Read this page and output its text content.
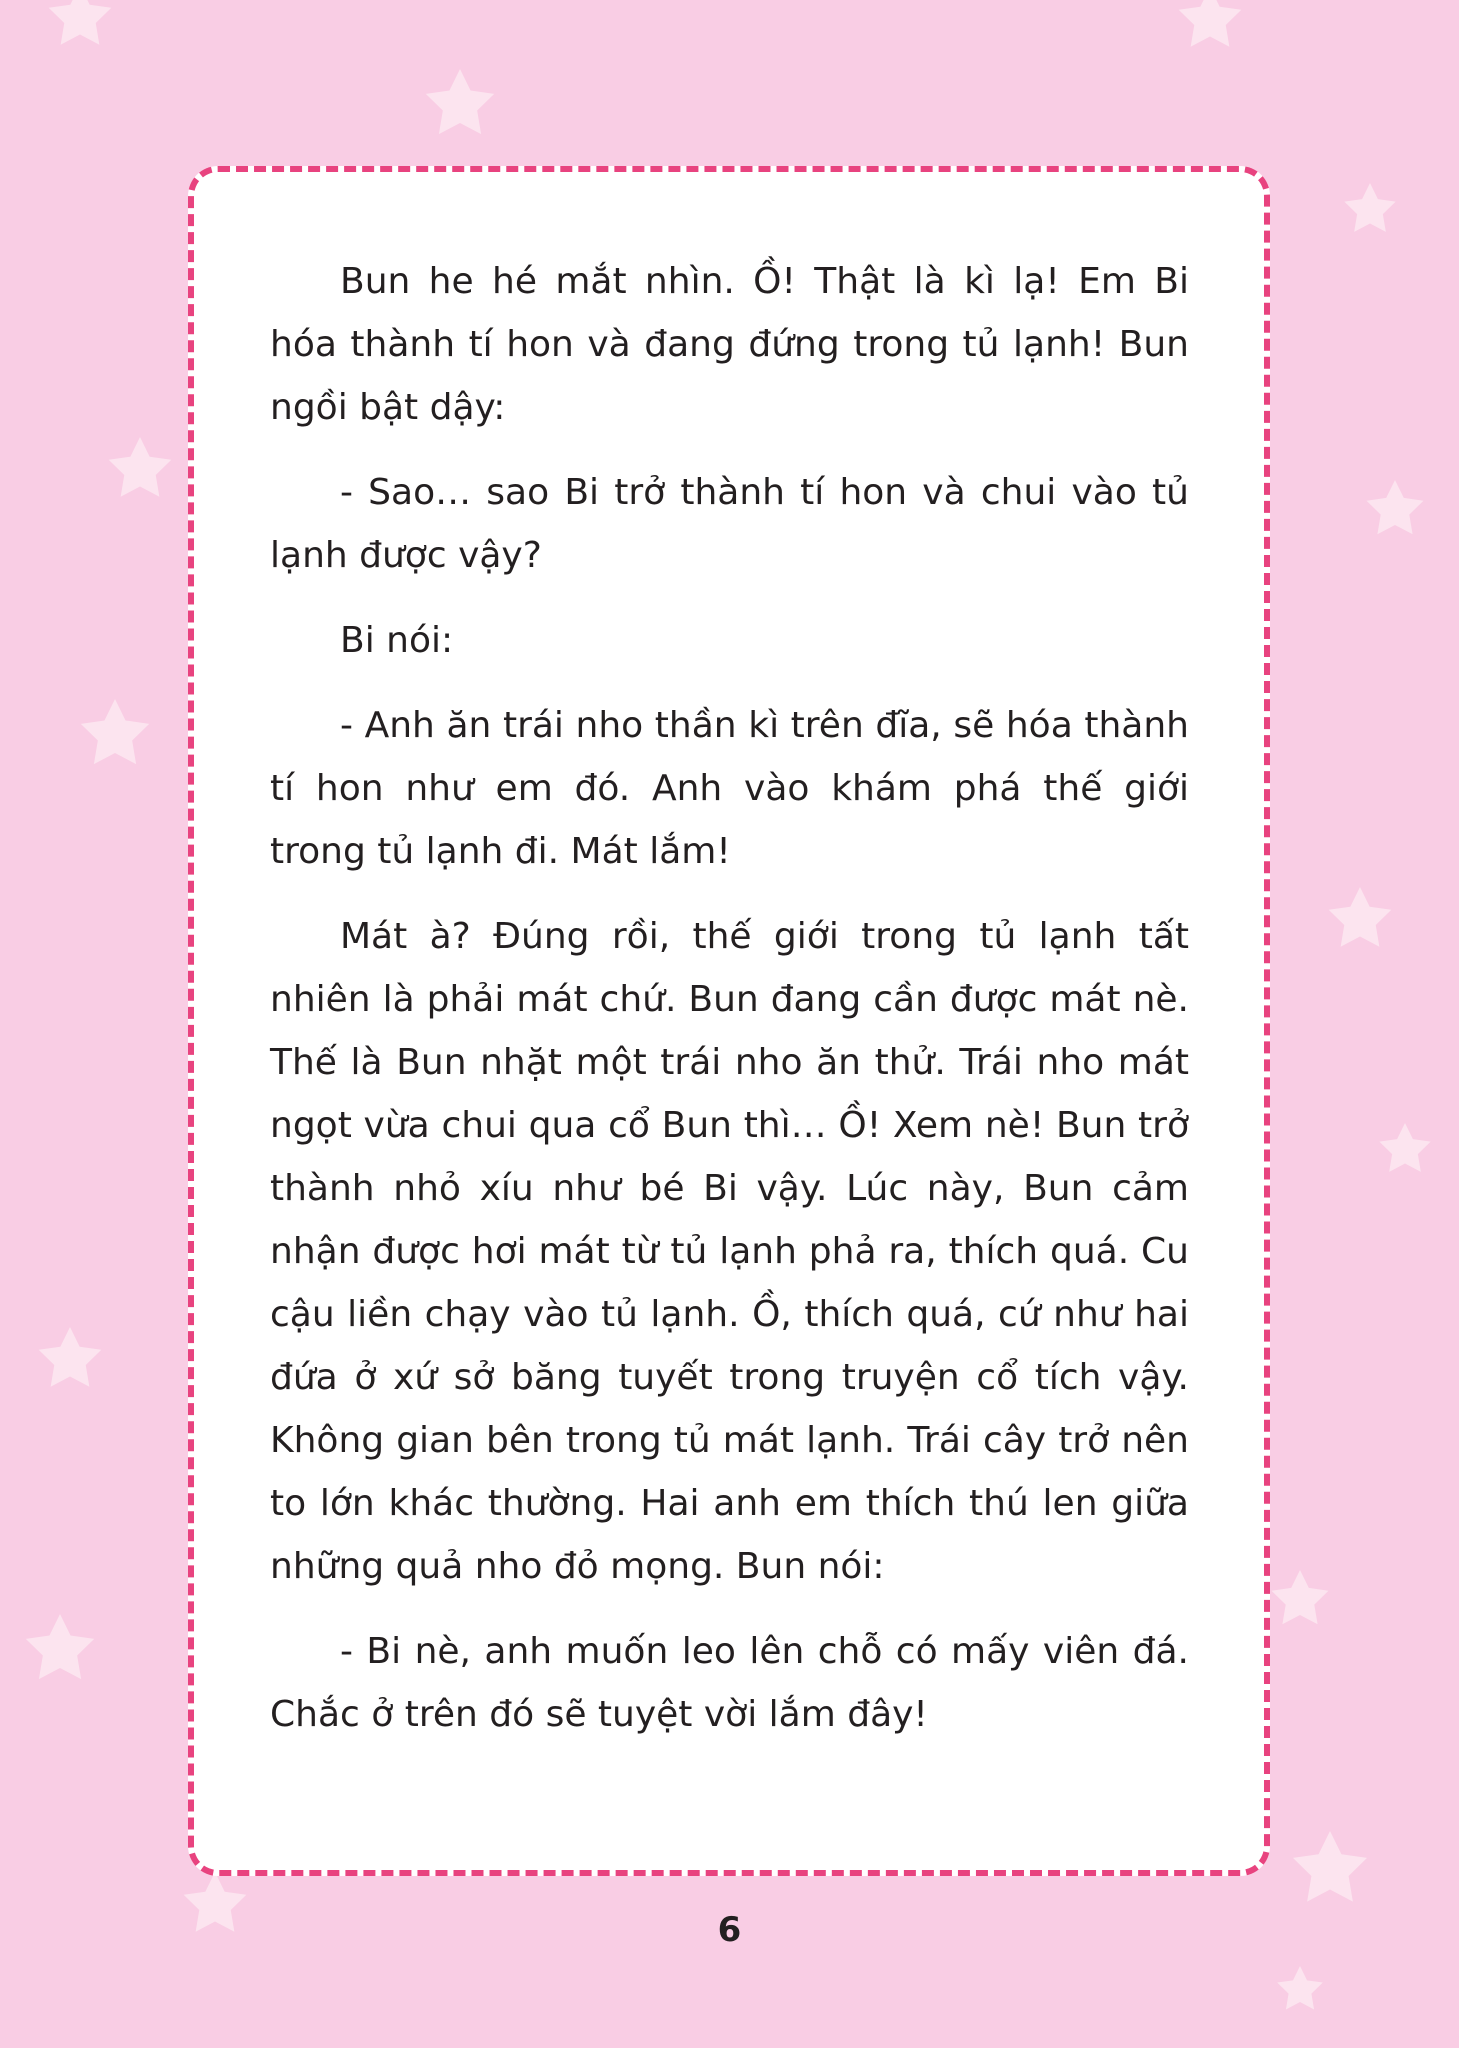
Bun he hé mắt nhìn. Ồ! Thật là kì lạ! Em Bi hóa thành tí hon và đang đứng trong tủ lạnh! Bun ngồi bật dậy:

- Sao… sao Bi trở thành tí hon và chui vào tủ lạnh được vậy?

Bi nói:

- Anh ăn trái nho thần kì trên đĩa, sẽ hóa thành tí hon như em đó. Anh vào khám phá thế giới trong tủ lạnh đi. Mát lắm!

Mát à? Đúng rồi, thế giới trong tủ lạnh tất nhiên là phải mát chứ. Bun đang cần được mát nè. Thế là Bun nhặt một trái nho ăn thử. Trái nho mát ngọt vừa chui qua cổ Bun thì… Ồ! Xem nè! Bun trở thành nhỏ xíu như bé Bi vậy. Lúc này, Bun cảm nhận được hơi mát từ tủ lạnh phả ra, thích quá. Cu cậu liền chạy vào tủ lạnh. Ồ, thích quá, cứ như hai đứa ở xứ sở băng tuyết trong truyện cổ tích vậy. Không gian bên trong tủ mát lạnh. Trái cây trở nên to lớn khác thường. Hai anh em thích thú len giữa những quả nho đỏ mọng. Bun nói:

- Bi nè, anh muốn leo lên chỗ có mấy viên đá. Chắc ở trên đó sẽ tuyệt vời lắm đây!

6
